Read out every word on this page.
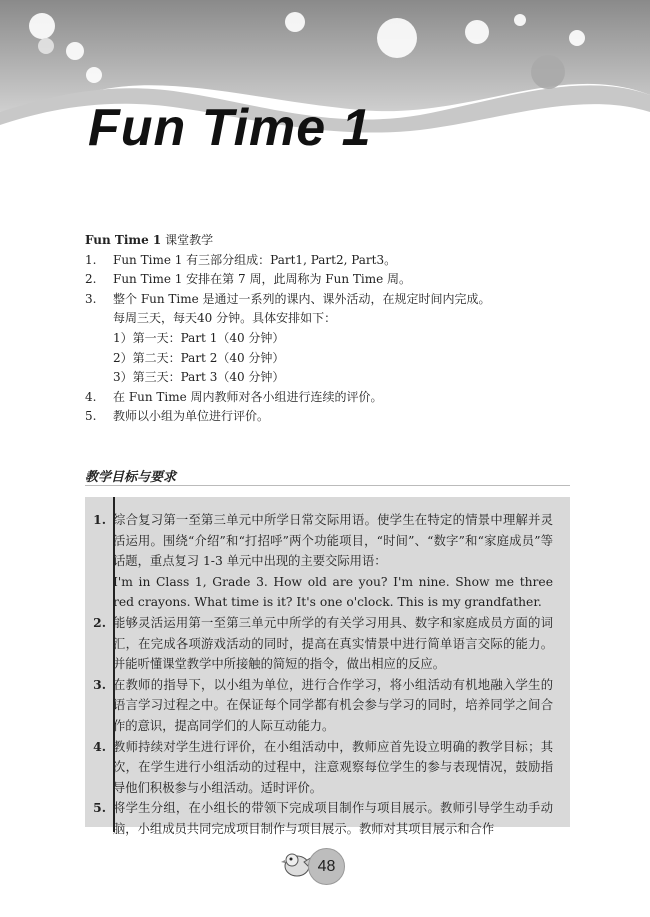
Fun Time 1
Fun Time 1 课堂教学
1.	Fun Time 1 有三部分组成：Part1, Part2, Part3。
2.	Fun Time 1 安排在第 7 周，此周称为 Fun Time 周。
3.	整个 Fun Time 是通过一系列的课内、课外活动，在规定时间内完成。
每周三天，每天40 分钟。具体安排如下：
1）第一天：Part 1（40 分钟）
2）第二天：Part 2（40 分钟）
3）第三天：Part 3（40 分钟）
4.	在 Fun Time 周内教师对各小组进行连续的评价。
5.	教师以小组为单位进行评价。
教学目标与要求
1. 综合复习第一至第三单元中所学日常交际用语。使学生在特定的情景中理解并灵活运用。围绕“介绍”和“打招呼”两个功能项目，“时间”、“数字”和“家庭成员”等话题，重点复习 1-3 单元中出现的主要交际用语：
I'm in Class 1, Grade 3. How old are you? I'm nine. Show me three red crayons. What time is it? It's one o'clock. This is my grandfather.
2. 能够灵活运用第一至第三单元中所学的有关学习用具、数字和家庭成员方面的词汇，在完成各项游戏活动的同时，提高在真实情景中进行简单语言交际的能力。并能听懂课堂教学中所接触的简短的指令，做出相应的反应。
3. 在教师的指导下，以小组为单位，进行合作学习，将小组活动有机地融入学生的语言学习过程之中。在保证每个同学都有机会参与学习的同时，培养同学之间合作的意识，提高同学们的人际互动能力。
4. 教师持续对学生进行评价，在小组活动中，教师应首先设立明确的教学目标；其次，在学生进行小组活动的过程中，注意观察每位学生的参与表现情况，鼓励指导他们积极参与小组活动。适时评价。
5. 将学生分组，在小组长的带领下完成项目制作与项目展示。教师引导学生动手动脑，小组成员共同完成项目制作与项目展示。教师对其项目展示和合作
48
